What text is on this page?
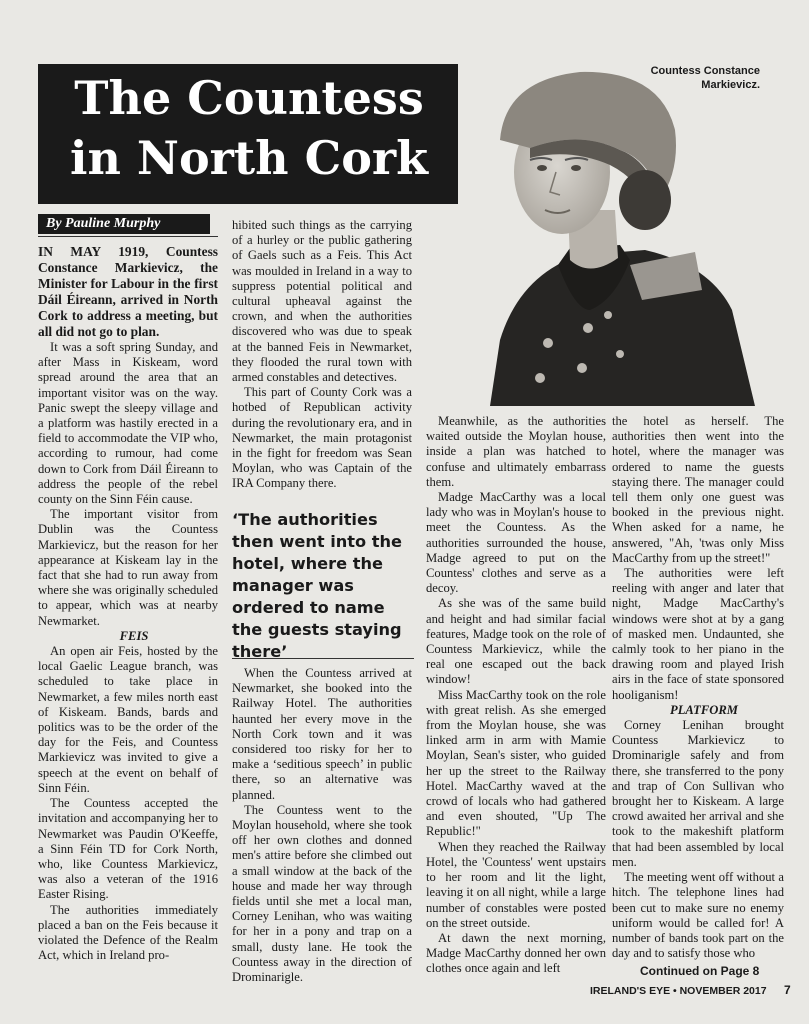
The Countess
in North Cork
By Pauline Murphy
Countess Constance
Markievicz.

IN MAY 1919, Countess Constance Markievicz, the Minister for Labour in the first Dáil Éireann, arrived in North Cork to address a meeting, but all did not go to plan.

It was a soft spring Sunday, and after Mass in Kiskeam, word spread around the area that an important visitor was on the way. Panic swept the sleepy village and a platform was hastily erected in a field to accommodate the VIP who, according to rumour, had come down to Cork from Dáil Éireann to address the people of the rebel county on the Sinn Féin cause.

The important visitor from Dublin was the Countess Markievicz, but the reason for her appearance at Kiskeam lay in the fact that she had to run away from where she was originally scheduled to appear, which was at nearby Newmarket.

FEIS

An open air Feis, hosted by the local Gaelic League branch, was scheduled to take place in Newmarket, a few miles north east of Kiskeam. Bands, bards and politics was to be the order of the day for the Feis, and Countess Markievicz was invited to give a speech at the event on behalf of Sinn Féin.

The Countess accepted the invitation and accompanying her to Newmarket was Paudin O'Keeffe, a Sinn Féin TD for Cork North, who, like Countess Markievicz, was also a veteran of the 1916 Easter Rising.

The authorities immediately placed a ban on the Feis because it violated the Defence of the Realm Act, which in Ireland pro-

hibited such things as the carrying of a hurley or the public gathering of Gaels such as a Feis. This Act was moulded in Ireland in a way to suppress potential political and cultural upheaval against the crown, and when the authorities discovered who was due to speak at the banned Feis in Newmarket, they flooded the rural town with armed constables and detectives.

This part of County Cork was a hotbed of Republican activity during the revolutionary era, and in Newmarket, the main protagonist in the fight for freedom was Sean Moylan, who was Captain of the IRA Company there.

‘The authorities then went into the hotel, where the manager was ordered to name the guests staying there’

When the Countess arrived at Newmarket, she booked into the Railway Hotel. The authorities haunted her every move in the North Cork town and it was considered too risky for her to make a ‘seditious speech’ in public there, so an alternative was planned.

The Countess went to the Moylan household, where she took off her own clothes and donned men's attire before she climbed out a small window at the back of the house and made her way through fields until she met a local man, Corney Lenihan, who was waiting for her in a pony and trap on a small, dusty lane. He took the Countess away in the direction of Drominarigle.

Meanwhile, as the authorities waited outside the Moylan house, inside a plan was hatched to confuse and ultimately embarrass them.

Madge MacCarthy was a local lady who was in Moylan's house to meet the Countess. As the authorities surrounded the house, Madge agreed to put on the Countess' clothes and serve as a decoy.

As she was of the same build and height and had similar facial features, Madge took on the role of Countess Markievicz, while the real one escaped out the back window!

Miss MacCarthy took on the role with great relish. As she emerged from the Moylan house, she was linked arm in arm with Mamie Moylan, Sean's sister, who guided her up the street to the Railway Hotel. MacCarthy waved at the crowd of locals who had gathered and even shouted, "Up The Republic!"

When they reached the Railway Hotel, the 'Countess' went upstairs to her room and lit the light, leaving it on all night, while a large number of constables were posted on the street outside.

At dawn the next morning, Madge MacCarthy donned her own clothes once again and left

the hotel as herself. The authorities then went into the hotel, where the manager was ordered to name the guests staying there. The manager could tell them only one guest was booked in the previous night. When asked for a name, he answered, "Ah, 'twas only Miss MacCarthy from up the street!"

The authorities were left reeling with anger and later that night, Madge MacCarthy's windows were shot at by a gang of masked men. Undaunted, she calmly took to her piano in the drawing room and played Irish airs in the face of state sponsored hooliganism!

PLATFORM

Corney Lenihan brought Countess Markievicz to Drominarigle safely and from there, she transferred to the pony and trap of Con Sullivan who brought her to Kiskeam. A large crowd awaited her arrival and she took to the makeshift platform that had been assembled by local men.

The meeting went off without a hitch. The telephone lines had been cut to make sure no enemy uniform would be called for! A number of bands took part on the day and to satisfy those who

Continued on Page 8
IRELAND'S EYE • NOVEMBER 2017 7
